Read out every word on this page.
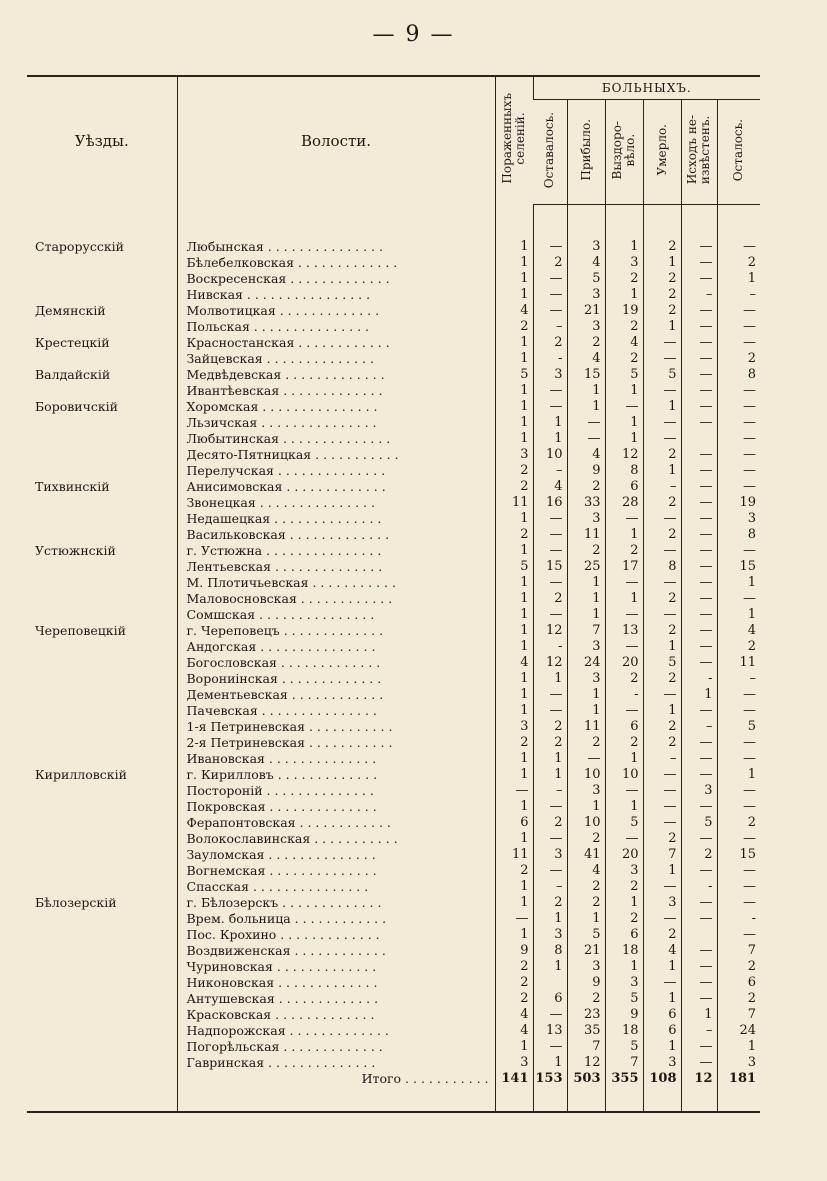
— 9 —
Уѣзды.	Волости.	Пораженныхъ
селеній.	БОЛЬНЫХЪ.					
			Оставалось.	Прибыло.	Выздоро-
вѣло.	Умерло.	Исходъ не-
извѣстенъ.	Осталось.

Старорусскій	Любынская . . . . . . . . . . . . . . .	1	—	3	1	2	—	—
	Бѣлебелковская . . . . . . . . . . . . .	1	2	4	3	1	—	2
	Воскресенская . . . . . . . . . . . . .	1	—	5	2	2	—	1
	Нивская . . . . . . . . . . . . . . . .	1	—	3	1	2	–	–
Демянскій	Молвотицкая . . . . . . . . . . . . .	4	—	21	19	2	—	—
	Польская . . . . . . . . . . . . . . .	2	–	3	2	1	—	—
Крестецкій	Красностанская . . . . . . . . . . . .	1	2	2	4	—	—	—
	Зайцевская . . . . . . . . . . . . . .	1	-	4	2	—	—	2
Валдайскій	Медвѣдевская . . . . . . . . . . . . .	5	3	15	5	5	—	8
	Ивантѣевская . . . . . . . . . . . . .	1	—	1	1	—	—	—
Боровичскій	Хоромская . . . . . . . . . . . . . . .	1	—	1	—	1	—	—
	Льзичская . . . . . . . . . . . . . . .	1	1	—	1	—	—	—
	Любытинская . . . . . . . . . . . . . .	1	1	—	1	—		—
	Десято-Пятницкая . . . . . . . . . . .	3	10	4	12	2	—	—
	Перелучская . . . . . . . . . . . . . .	2	–	9	8	1	—	—
Тихвинскій	Анисимовская . . . . . . . . . . . . .	2	4	2	6	–	—	—
	Звонецкая . . . . . . . . . . . . . . .	11	16	33	28	2	—	19
	Недашецкая . . . . . . . . . . . . . .	1	—	3	—	—	—	3
	Васильковская . . . . . . . . . . . . .	2	—	11	1	2	—	8
Устюжнскій	г. Устюжна . . . . . . . . . . . . . . .	1	—	2	2	—	—	—
	Лентьевская . . . . . . . . . . . . . .	5	15	25	17	8	—	15
	М. Плотичьевская . . . . . . . . . . .	1	—	1	—	—	—	1
	Маловосновская . . . . . . . . . . . .	1	2	1	1	2	—	—
	Сомшская . . . . . . . . . . . . . . .	1	—	1	—	—	—	1
Череповецкій	г. Череповецъ . . . . . . . . . . . . .	1	12	7	13	2	—	4
	Андогская . . . . . . . . . . . . . . .	1	-	3	—	1	—	2
	Богословская . . . . . . . . . . . . .	4	12	24	20	5	—	11
	Ворониiнская . . . . . . . . . . . . .	1	1	3	2	2	-	–
	Дементьевская . . . . . . . . . . . .	1	—	1	-	—	1	—
	Пачевская . . . . . . . . . . . . . . .	1	—	1	—	1	—	—
	1-я Петриневская . . . . . . . . . . .	3	2	11	6	2	–	5
	2-я Петриневская . . . . . . . . . . .	2	2	2	2	2	—	—
	Ивановская . . . . . . . . . . . . . .	1	1	—	1	–	—	—
Кирилловскій	г. Кирилловъ . . . . . . . . . . . . .	1	1	10	10	—	—	1
	Посторонiй . . . . . . . . . . . . . .	—	–	3	—	—	3	—
	Покровская . . . . . . . . . . . . . .	1	—	1	1	—	—	—
	Ферапонтовская . . . . . . . . . . . .	6	2	10	5	—	5	2
	Волокославинская . . . . . . . . . . .	1	—	2	—	2	—	—
	Зауломская . . . . . . . . . . . . . .	11	3	41	20	7	2	15
	Вогнемская . . . . . . . . . . . . . .	2	—	4	3	1	—	—
	Спасская . . . . . . . . . . . . . . .	1	–	2	2	—	-	—
Бѣлозерскій	г. Бѣлозерскъ . . . . . . . . . . . . .	1	2	2	1	3	—	—
	Врем. больница . . . . . . . . . . . .	—	1	1	2	—	—	-
	Пос. Крохино . . . . . . . . . . . . .	1	3	5	6	2		—
	Воздвиженская . . . . . . . . . . . .	9	8	21	18	4	—	7
	Чуриновская . . . . . . . . . . . . .	2	1	3	1	1	—	2
	Никоновская . . . . . . . . . . . . .	2		9	3	—	—	6
	Антушевская . . . . . . . . . . . . .	2	6	2	5	1	—	2
	Красковская . . . . . . . . . . . . .	4	—	23	9	6	1	7
	Надпорожская . . . . . . . . . . . . .	4	13	35	18	6	–	24
	Погорѣльская . . . . . . . . . . . . .	1	—	7	5	1	—	1
	Гавринская . . . . . . . . . . . . . .	3	1	12	7	3	—	3
	Итого . . . . . . . . . . .	141	153	503	355	108	12	181
